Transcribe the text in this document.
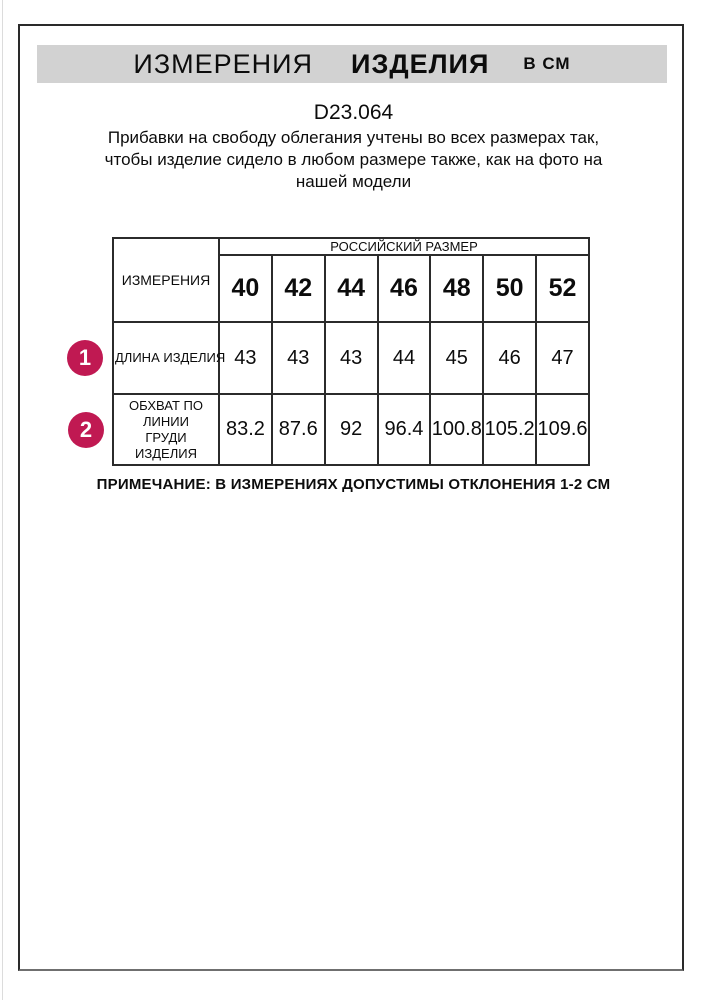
ИЗМЕРЕНИЯ ИЗДЕЛИЯ В СМ
D23.064
Прибавки на свободу облегания учтены во всех размерах так,
чтобы изделие сидело в любом размере также, как на фото на
нашей модели
ИЗМЕРЕНИЯ	РОССИЙСКИЙ РАЗМЕР						
	40	42	44	46	48	50	52
ДЛИНА ИЗДЕЛИЯ	43	43	43	44	45	46	47
ОБХВАТ ПО ЛИНИИ ГРУДИ ИЗДЕЛИЯ	83.2	87.6	92	96.4	100.8	105.2	109.6
1
2
ПРИМЕЧАНИЕ: В ИЗМЕРЕНИЯХ ДОПУСТИМЫ ОТКЛОНЕНИЯ 1-2 СМ
